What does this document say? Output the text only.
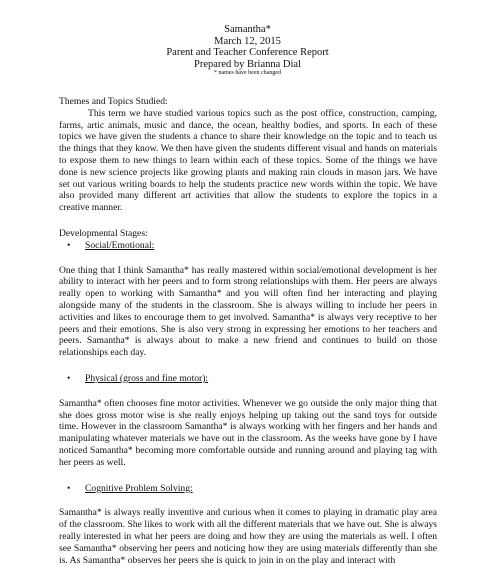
Samantha*
March 12, 2015
Parent and Teacher Conference Report
Prepared by Brianna Dial
* names have been changed

Themes and Topics Studied:

This term we have studied various topics such as the post office, construction, camping, farms, artic animals, music and dance, the ocean, healthy bodies, and sports. In each of these topics we have given the students a chance to share their knowledge on the topic and to teach us the things that they know. We then have given the students different visual and hands on materials to expose them to new things to learn within each of these topics. Some of the things we have done is new science projects like growing plants and making rain clouds in mason jars. We have set out various writing boards to help the students practice new words within the topic. We have also provided many different art activities that allow the students to explore the topics in a creative manner.

Developmental Stages:

• Social/Emotional:

One thing that I think Samantha* has really mastered within social/emotional development is her ability to interact with her peers and to form strong relationships with them. Her peers are always really open to working with Samantha* and you will often find her interacting and playing alongside many of the students in the classroom. She is always willing to include her peers in activities and likes to encourage them to get involved. Samantha* is always very receptive to her peers and their emotions. She is also very strong in expressing her emotions to her teachers and peers. Samantha* is always about to make a new friend and continues to build on those relationships each day.

• Physical (gross and fine motor):

Samantha* often chooses fine motor activities. Whenever we go outside the only major thing that she does gross motor wise is she really enjoys helping up taking out the sand toys for outside time. However in the classroom Samantha* is always working with her fingers and her hands and manipulating whatever materials we have out in the classroom. As the weeks have gone by I have noticed Samantha* becoming more comfortable outside and running around and playing tag with her peers as well.

• Cognitive Problem Solving:

Samantha* is always really inventive and curious when it comes to playing in dramatic play area of the classroom. She likes to work with all the different materials that we have out. She is always really interested in what her peers are doing and how they are using the materials as well. I often see Samantha* observing her peers and noticing how they are using materials differently than she is. As Samantha* observes her peers she is quick to join in on the play and interact with
